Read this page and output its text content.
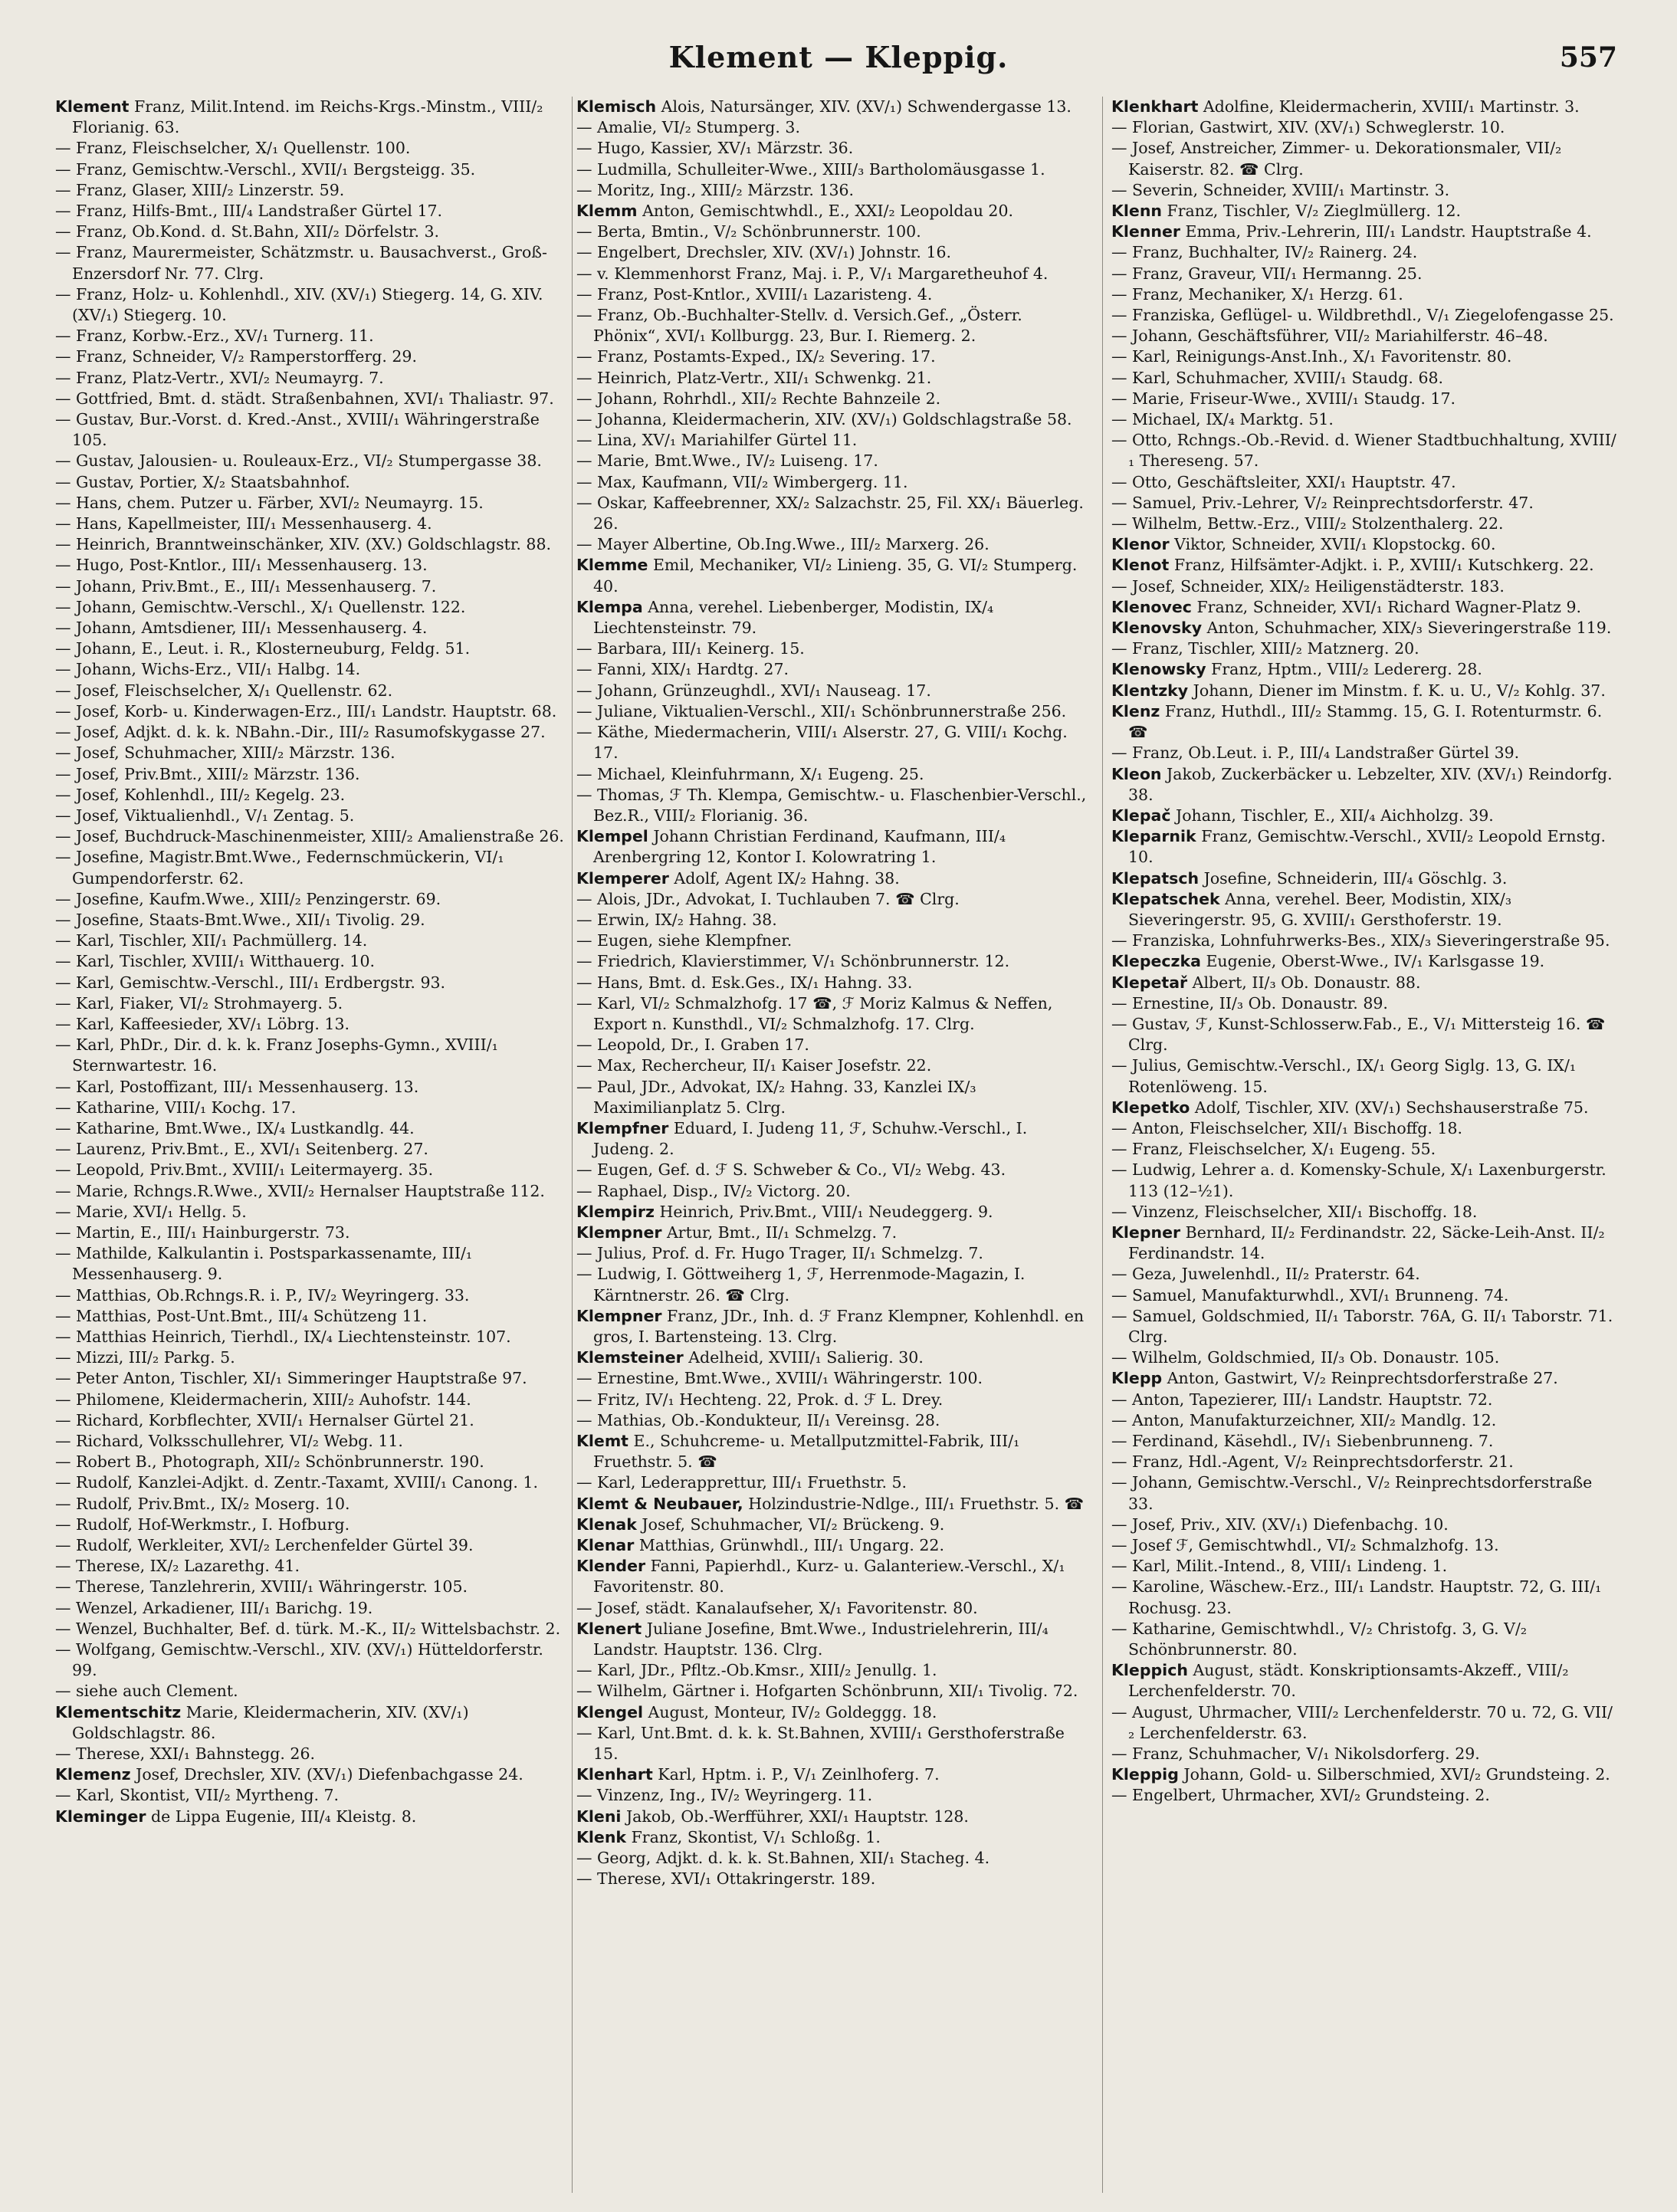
Klement — Kleppig.	557
Klement Franz, Milit.Intend. im Reichs-Krgs.-Minstm., VIII/₂ Florianig. 63.
— Franz, Fleischselcher, X/₁ Quellenstr. 100.
— Franz, Gemischtw.-Verschl., XVII/₁ Bergsteigg. 35.
— Franz, Glaser, XIII/₂ Linzerstr. 59.
— Franz, Hilfs-Bmt., III/₄ Landstraßer Gürtel 17.
— Franz, Ob.Kond. d. St.Bahn, XII/₂ Dörfelstr. 3.
— Franz, Maurermeister, Schätzmstr. u. Bausachverst., Groß-Enzersdorf Nr. 77. Clrg.
— Franz, Holz- u. Kohlenhdl., XIV. (XV/₁) Stiegerg. 14, G. XIV. (XV/₁) Stiegerg. 10.
— Franz, Korbw.-Erz., XV/₁ Turnerg. 11.
— Franz, Schneider, V/₂ Ramperstorfferg. 29.
— Franz, Platz-Vertr., XVI/₂ Neumayrg. 7.
— Gottfried, Bmt. d. städt. Straßenbahnen, XVI/₁ Thaliastr. 97.
— Gustav, Bur.-Vorst. d. Kred.-Anst., XVIII/₁ Währingerstraße 105.
— Gustav, Jalousien- u. Rouleaux-Erz., VI/₂ Stumpergasse 38.
— Gustav, Portier, X/₂ Staatsbahnhof.
— Hans, chem. Putzer u. Färber, XVI/₂ Neumayrg. 15.
— Hans, Kapellmeister, III/₁ Messenhauserg. 4.
— Heinrich, Branntweinschänker, XIV. (XV.) Goldschlagstr. 88.
— Hugo, Post-Kntlor., III/₁ Messenhauserg. 13.
— Johann, Priv.Bmt., E., III/₁ Messenhauserg. 7.
— Johann, Gemischtw.-Verschl., X/₁ Quellenstr. 122.
— Johann, Amtsdiener, III/₁ Messenhauserg. 4.
— Johann, E., Leut. i. R., Klosterneuburg, Feldg. 51.
— Johann, Wichs-Erz., VII/₁ Halbg. 14.
— Josef, Fleischselcher, X/₁ Quellenstr. 62.
— Josef, Korb- u. Kinderwagen-Erz., III/₁ Landstr. Hauptstr. 68.
— Josef, Adjkt. d. k. k. NBahn.-Dir., III/₂ Rasumofskygasse 27.
— Josef, Schuhmacher, XIII/₂ Märzstr. 136.
— Josef, Priv.Bmt., XIII/₂ Märzstr. 136.
— Josef, Kohlenhdl., III/₂ Kegelg. 23.
— Josef, Viktualienhdl., V/₁ Zentag. 5.
— Josef, Buchdruck-Maschinenmeister, XIII/₂ Amalienstraße 26.
— Josefine, Magistr.Bmt.Wwe., Federnschmückerin, VI/₁ Gumpendorferstr. 62.
— Josefine, Kaufm.Wwe., XIII/₂ Penzingerstr. 69.
— Josefine, Staats-Bmt.Wwe., XII/₁ Tivolig. 29.
— Karl, Tischler, XII/₁ Pachmüllerg. 14.
— Karl, Tischler, XVIII/₁ Witthauerg. 10.
— Karl, Gemischtw.-Verschl., III/₁ Erdbergstr. 93.
— Karl, Fiaker, VI/₂ Strohmayerg. 5.
— Karl, Kaffeesieder, XV/₁ Löbrg. 13.
— Karl, PhDr., Dir. d. k. k. Franz Josephs-Gymn., XVIII/₁ Sternwartestr. 16.
— Karl, Postoffizant, III/₁ Messenhauserg. 13.
— Katharine, VIII/₁ Kochg. 17.
— Katharine, Bmt.Wwe., IX/₄ Lustkandlg. 44.
— Laurenz, Priv.Bmt., E., XVI/₁ Seitenberg. 27.
— Leopold, Priv.Bmt., XVIII/₁ Leitermayerg. 35.
— Marie, Rchngs.R.Wwe., XVII/₂ Hernalser Hauptstraße 112.
— Marie, XVI/₁ Hellg. 5.
— Martin, E., III/₁ Hainburgerstr. 73.
— Mathilde, Kalkulantin i. Postsparkassenamte, III/₁ Messenhauserg. 9.
— Matthias, Ob.Rchngs.R. i. P., IV/₂ Weyringerg. 33.
— Matthias, Post-Unt.Bmt., III/₄ Schützeng 11.
— Matthias Heinrich, Tierhdl., IX/₄ Liechtensteinstr. 107.
— Mizzi, III/₂ Parkg. 5.
— Peter Anton, Tischler, XI/₁ Simmeringer Hauptstraße 97.
— Philomene, Kleidermacherin, XIII/₂ Auhofstr. 144.
— Richard, Korbflechter, XVII/₁ Hernalser Gürtel 21.
— Richard, Volksschullehrer, VI/₂ Webg. 11.
— Robert B., Photograph, XII/₂ Schönbrunnerstr. 190.
— Rudolf, Kanzlei-Adjkt. d. Zentr.-Taxamt, XVIII/₁ Canong. 1.
— Rudolf, Priv.Bmt., IX/₂ Moserg. 10.
— Rudolf, Hof-Werkmstr., I. Hofburg.
— Rudolf, Werkleiter, XVI/₂ Lerchenfelder Gürtel 39.
— Therese, IX/₂ Lazarethg. 41.
— Therese, Tanzlehrerin, XVIII/₁ Währingerstr. 105.
— Wenzel, Arkadiener, III/₁ Barichg. 19.
— Wenzel, Buchhalter, Bef. d. türk. M.-K., II/₂ Wittelsbachstr. 2.
— Wolfgang, Gemischtw.-Verschl., XIV. (XV/₁) Hütteldorferstr. 99.
— siehe auch Clement.
Klementschitz Marie, Kleidermacherin, XIV. (XV/₁) Goldschlagstr. 86.
— Therese, XXI/₁ Bahnstegg. 26.
Klemenz Josef, Drechsler, XIV. (XV/₁) Diefenbachgasse 24.
— Karl, Skontist, VII/₂ Myrtheng. 7.
Kleminger de Lippa Eugenie, III/₄ Kleistg. 8.
Klemisch Alois, Natursänger, XIV. (XV/₁) Schwendergasse 13.
— Amalie, VI/₂ Stumperg. 3.
— Hugo, Kassier, XV/₁ Märzstr. 36.
— Ludmilla, Schulleiter-Wwe., XIII/₃ Bartholomäusgasse 1.
— Moritz, Ing., XIII/₂ Märzstr. 136.
Klemm Anton, Gemischtwhdl., E., XXI/₂ Leopoldau 20.
— Berta, Bmtin., V/₂ Schönbrunnerstr. 100.
— Engelbert, Drechsler, XIV. (XV/₁) Johnstr. 16.
— v. Klemmenhorst Franz, Maj. i. P., V/₁ Margaretheuhof 4.
— Franz, Post-Kntlor., XVIII/₁ Lazaristeng. 4.
— Franz, Ob.-Buchhalter-Stellv. d. Versich.Gef., „Österr. Phönix“, XVI/₁ Kollburgg. 23, Bur. I. Riemerg. 2.
— Franz, Postamts-Exped., IX/₂ Severing. 17.
— Heinrich, Platz-Vertr., XII/₁ Schwenkg. 21.
— Johann, Rohrhdl., XII/₂ Rechte Bahnzeile 2.
— Johanna, Kleidermacherin, XIV. (XV/₁) Goldschlagstraße 58.
— Lina, XV/₁ Mariahilfer Gürtel 11.
— Marie, Bmt.Wwe., IV/₂ Luiseng. 17.
— Max, Kaufmann, VII/₂ Wimbergerg. 11.
— Oskar, Kaffeebrenner, XX/₂ Salzachstr. 25, Fil. XX/₁ Bäuerleg. 26.
— Mayer Albertine, Ob.Ing.Wwe., III/₂ Marxerg. 26.
Klemme Emil, Mechaniker, VI/₂ Linieng. 35, G. VI/₂ Stumperg. 40.
Klempa Anna, verehel. Liebenberger, Modistin, IX/₄ Liechtensteinstr. 79.
— Barbara, III/₁ Keinerg. 15.
— Fanni, XIX/₁ Hardtg. 27.
— Johann, Grünzeughdl., XVI/₁ Nauseag. 17.
— Juliane, Viktualien-Verschl., XII/₁ Schönbrunnerstraße 256.
— Käthe, Miedermacherin, VIII/₁ Alserstr. 27, G. VIII/₁ Kochg. 17.
— Michael, Kleinfuhrmann, X/₁ Eugeng. 25.
— Thomas, ℱ Th. Klempa, Gemischtw.- u. Flaschenbier-Verschl., Bez.R., VIII/₂ Florianig. 36.
Klempel Johann Christian Ferdinand, Kaufmann, III/₄ Arenbergring 12, Kontor I. Kolowratring 1.
Klemperer Adolf, Agent IX/₂ Hahng. 38.
— Alois, JDr., Advokat, I. Tuchlauben 7. ☎ Clrg.
— Erwin, IX/₂ Hahng. 38.
— Eugen, siehe Klempfner.
— Friedrich, Klavierstimmer, V/₁ Schönbrunnerstr. 12.
— Hans, Bmt. d. Esk.Ges., IX/₁ Hahng. 33.
— Karl, VI/₂ Schmalzhofg. 17 ☎, ℱ Moriz Kalmus & Neffen, Export n. Kunsthdl., VI/₂ Schmalzhofg. 17. Clrg.
— Leopold, Dr., I. Graben 17.
— Max, Rechercheur, II/₁ Kaiser Josefstr. 22.
— Paul, JDr., Advokat, IX/₂ Hahng. 33, Kanzlei IX/₃ Maximilianplatz 5. Clrg.
Klempfner Eduard, I. Judeng 11, ℱ, Schuhw.-Verschl., I. Judeng. 2.
— Eugen, Gef. d. ℱ S. Schweber & Co., VI/₂ Webg. 43.
— Raphael, Disp., IV/₂ Victorg. 20.
Klempirz Heinrich, Priv.Bmt., VIII/₁ Neudeggerg. 9.
Klempner Artur, Bmt., II/₁ Schmelzg. 7.
— Julius, Prof. d. Fr. Hugo Trager, II/₁ Schmelzg. 7.
— Ludwig, I. Göttweiherg 1, ℱ, Herrenmode-Magazin, I. Kärntnerstr. 26. ☎ Clrg.
Klempner Franz, JDr., Inh. d. ℱ Franz Klempner, Kohlenhdl. en gros, I. Bartensteing. 13. Clrg.
Klemsteiner Adelheid, XVIII/₁ Salierig. 30.
— Ernestine, Bmt.Wwe., XVIII/₁ Währingerstr. 100.
— Fritz, IV/₁ Hechteng. 22, Prok. d. ℱ L. Drey.
— Mathias, Ob.-Kondukteur, II/₁ Vereinsg. 28.
Klemt E., Schuhcreme- u. Metallputzmittel-Fabrik, III/₁ Fruethstr. 5. ☎
— Karl, Lederapprettur, III/₁ Fruethstr. 5.
Klemt & Neubauer, Holzindustrie-Ndlge., III/₁ Fruethstr. 5. ☎
Klenak Josef, Schuhmacher, VI/₂ Brückeng. 9.
Klenar Matthias, Grünwhdl., III/₁ Ungarg. 22.
Klender Fanni, Papierhdl., Kurz- u. Galanteriew.-Verschl., X/₁ Favoritenstr. 80.
— Josef, städt. Kanalaufseher, X/₁ Favoritenstr. 80.
Klenert Juliane Josefine, Bmt.Wwe., Industrielehrerin, III/₄ Landstr. Hauptstr. 136. Clrg.
— Karl, JDr., Pfltz.-Ob.Kmsr., XIII/₂ Jenullg. 1.
— Wilhelm, Gärtner i. Hofgarten Schönbrunn, XII/₁ Tivolig. 72.
Klengel August, Monteur, IV/₂ Goldeggg. 18.
— Karl, Unt.Bmt. d. k. k. St.Bahnen, XVIII/₁ Gersthoferstraße 15.
Klenhart Karl, Hptm. i. P., V/₁ Zeinlhoferg. 7.
— Vinzenz, Ing., IV/₂ Weyringerg. 11.
Kleni Jakob, Ob.-Werfführer, XXI/₁ Hauptstr. 128.
Klenk Franz, Skontist, V/₁ Schloßg. 1.
— Georg, Adjkt. d. k. k. St.Bahnen, XII/₁ Stacheg. 4.
— Therese, XVI/₁ Ottakringerstr. 189.
Klenkhart Adolfine, Kleidermacherin, XVIII/₁ Martinstr. 3.
— Florian, Gastwirt, XIV. (XV/₁) Schweglerstr. 10.
— Josef, Anstreicher, Zimmer- u. Dekorationsmaler, VII/₂ Kaiserstr. 82. ☎ Clrg.
— Severin, Schneider, XVIII/₁ Martinstr. 3.
Klenn Franz, Tischler, V/₂ Zieglmüllerg. 12.
Klenner Emma, Priv.-Lehrerin, III/₁ Landstr. Hauptstraße 4.
— Franz, Buchhalter, IV/₂ Rainerg. 24.
— Franz, Graveur, VII/₁ Hermanng. 25.
— Franz, Mechaniker, X/₁ Herzg. 61.
— Franziska, Geflügel- u. Wildbrethdl., V/₁ Ziegelofengasse 25.
— Johann, Geschäftsführer, VII/₂ Mariahilferstr. 46–48.
— Karl, Reinigungs-Anst.Inh., X/₁ Favoritenstr. 80.
— Karl, Schuhmacher, XVIII/₁ Staudg. 68.
— Marie, Friseur-Wwe., XVIII/₁ Staudg. 17.
— Michael, IX/₄ Marktg. 51.
— Otto, Rchngs.-Ob.-Revid. d. Wiener Stadtbuchhaltung, XVIII/₁ Thereseng. 57.
— Otto, Geschäftsleiter, XXI/₁ Hauptstr. 47.
— Samuel, Priv.-Lehrer, V/₂ Reinprechtsdorferstr. 47.
— Wilhelm, Bettw.-Erz., VIII/₂ Stolzenthalerg. 22.
Klenor Viktor, Schneider, XVII/₁ Klopstockg. 60.
Klenot Franz, Hilfsämter-Adjkt. i. P., XVIII/₁ Kutschkerg. 22.
— Josef, Schneider, XIX/₂ Heiligenstädterstr. 183.
Klenovec Franz, Schneider, XVI/₁ Richard Wagner-Platz 9.
Klenovsky Anton, Schuhmacher, XIX/₃ Sieveringerstraße 119.
— Franz, Tischler, XIII/₂ Matznerg. 20.
Klenowsky Franz, Hptm., VIII/₂ Ledererg. 28.
Klentzky Johann, Diener im Minstm. f. K. u. U., V/₂ Kohlg. 37.
Klenz Franz, Huthdl., III/₂ Stammg. 15, G. I. Rotenturmstr. 6. ☎
— Franz, Ob.Leut. i. P., III/₄ Landstraßer Gürtel 39.
Kleon Jakob, Zuckerbäcker u. Lebzelter, XIV. (XV/₁) Reindorfg. 38.
Klepač Johann, Tischler, E., XII/₄ Aichholzg. 39.
Kleparnik Franz, Gemischtw.-Verschl., XVII/₂ Leopold Ernstg. 10.
Klepatsch Josefine, Schneiderin, III/₄ Göschlg. 3.
Klepatschek Anna, verehel. Beer, Modistin, XIX/₃ Sieveringerstr. 95, G. XVIII/₁ Gersthoferstr. 19.
— Franziska, Lohnfuhrwerks-Bes., XIX/₃ Sieveringerstraße 95.
Klepeczka Eugenie, Oberst-Wwe., IV/₁ Karlsgasse 19.
Klepetař Albert, II/₃ Ob. Donaustr. 88.
— Ernestine, II/₃ Ob. Donaustr. 89.
— Gustav, ℱ, Kunst-Schlosserw.Fab., E., V/₁ Mittersteig 16. ☎ Clrg.
— Julius, Gemischtw.-Verschl., IX/₁ Georg Siglg. 13, G. IX/₁ Rotenlöweng. 15.
Klepetko Adolf, Tischler, XIV. (XV/₁) Sechshauserstraße 75.
— Anton, Fleischselcher, XII/₁ Bischoffg. 18.
— Franz, Fleischselcher, X/₁ Eugeng. 55.
— Ludwig, Lehrer a. d. Komensky-Schule, X/₁ Laxenburgerstr. 113 (12–½1).
— Vinzenz, Fleischselcher, XII/₁ Bischoffg. 18.
Klepner Bernhard, II/₂ Ferdinandstr. 22, Säcke-Leih-Anst. II/₂ Ferdinandstr. 14.
— Geza, Juwelenhdl., II/₂ Praterstr. 64.
— Samuel, Manufakturwhdl., XVI/₁ Brunneng. 74.
— Samuel, Goldschmied, II/₁ Taborstr. 76A, G. II/₁ Taborstr. 71. Clrg.
— Wilhelm, Goldschmied, II/₃ Ob. Donaustr. 105.
Klepp Anton, Gastwirt, V/₂ Reinprechtsdorferstraße 27.
— Anton, Tapezierer, III/₁ Landstr. Hauptstr. 72.
— Anton, Manufakturzeichner, XII/₂ Mandlg. 12.
— Ferdinand, Käsehdl., IV/₁ Siebenbrunneng. 7.
— Franz, Hdl.-Agent, V/₂ Reinprechtsdorferstr. 21.
— Johann, Gemischtw.-Verschl., V/₂ Reinprechtsdorferstraße 33.
— Josef, Priv., XIV. (XV/₁) Diefenbachg. 10.
— Josef ℱ, Gemischtwhdl., VI/₂ Schmalzhofg. 13.
— Karl, Milit.-Intend., 8, VIII/₁ Lindeng. 1.
— Karoline, Wäschew.-Erz., III/₁ Landstr. Hauptstr. 72, G. III/₁ Rochusg. 23.
— Katharine, Gemischtwhdl., V/₂ Christofg. 3, G. V/₂ Schönbrunnerstr. 80.
Kleppich August, städt. Konskriptionsamts-Akzeff., VIII/₂ Lerchenfelderstr. 70.
— August, Uhrmacher, VIII/₂ Lerchenfelderstr. 70 u. 72, G. VII/₂ Lerchenfelderstr. 63.
— Franz, Schuhmacher, V/₁ Nikolsdorferg. 29.
Kleppig Johann, Gold- u. Silberschmied, XVI/₂ Grundsteing. 2.
— Engelbert, Uhrmacher, XVI/₂ Grundsteing. 2.
